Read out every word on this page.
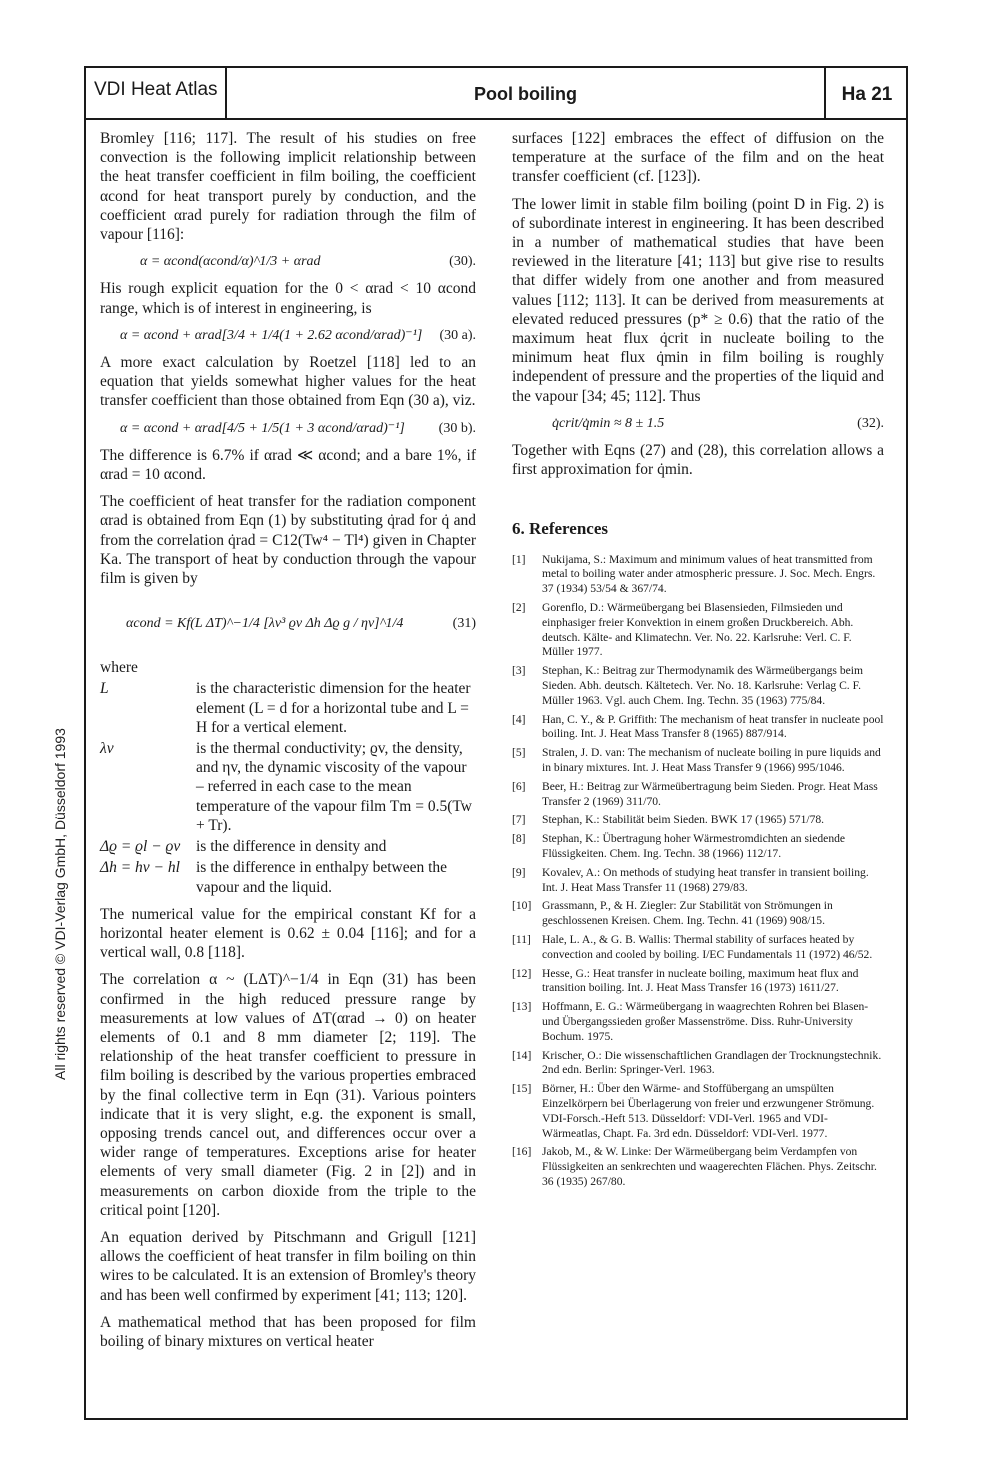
VDI Heat Atlas	Pool boiling	Ha 21
All rights reserved © VDI-Verlag GmbH, Düsseldorf 1993

Bromley [116; 117]. The result of his studies on free convection is the following implicit relationship between the heat transfer coefficient in film boiling, the coefficient αcond for heat transport purely by conduction, and the coefficient αrad purely for radiation through the film of vapour [116]:

α = αcond(αcond/α)^1/3 + αrad	(30).

His rough explicit equation for the 0 < αrad < 10 αcond range, which is of interest in engineering, is

α = αcond + αrad[3/4 + 1/4(1 + 2.62 αcond/αrad)⁻¹] (30 a).

A more exact calculation by Roetzel [118] led to an equation that yields somewhat higher values for the heat transfer coefficient than those obtained from Eqn (30 a), viz.

α = αcond + αrad[4/5 + 1/5(1 + 3 αcond/αrad)⁻¹] (30 b).

The difference is 6.7% if αrad ≪ αcond; and a bare 1%, if αrad = 10 αcond.

The coefficient of heat transfer for the radiation component αrad is obtained from Eqn (1) by substituting q̇rad for q̇ and from the correlation q̇rad = C12(Tw⁴ − Tl⁴) given in Chapter Ka. The transport of heat by conduction through the vapour film is given by

αcond = Kf(L ΔT)^−1/4 [λv³ ϱv Δh Δϱ g / ηv]^1/4	(31)
where
L	is the characteristic dimension for the heater element (L = d for a horizontal tube and L = H for a vertical element.
λv	is the thermal conductivity; ϱv, the density, and ηv, the dynamic viscosity of the vapour – referred in each case to the mean temperature of the vapour film Tm = 0.5(Tw + Tr).
Δϱ = ϱl − ϱv	is the difference in density and
Δh = hv − hl	is the difference in enthalpy between the vapour and the liquid.

The numerical value for the empirical constant Kf for a horizontal heater element is 0.62 ± 0.04 [116]; and for a vertical wall, 0.8 [118].

The correlation α ~ (LΔT)^−1/4 in Eqn (31) has been confirmed in the high reduced pressure range by measurements at low values of ΔT(αrad → 0) on heater elements of 0.1 and 8 mm diameter [2; 119]. The relationship of the heat transfer coefficient to pressure in film boiling is described by the various properties embraced by the final collective term in Eqn (31). Various pointers indicate that it is very slight, e.g. the exponent is small, opposing trends cancel out, and differences occur over a wider range of temperatures. Exceptions arise for heater elements of very small diameter (Fig. 2 in [2]) and in measurements on carbon dioxide from the triple to the critical point [120].

An equation derived by Pitschmann and Grigull [121] allows the coefficient of heat transfer in film boiling on thin wires to be calculated. It is an extension of Bromley's theory and has been well confirmed by experiment [41; 113; 120].

A mathematical method that has been proposed for film boiling of binary mixtures on vertical heater

surfaces [122] embraces the effect of diffusion on the temperature at the surface of the film and on the heat transfer coefficient (cf. [123]).

The lower limit in stable film boiling (point D in Fig. 2) is of subordinate interest in engineering. It has been described in a number of mathematical studies that have been reviewed in the literature [41; 113] but give rise to results that differ widely from one another and from measured values [112; 113]. It can be derived from measurements at elevated reduced pressures (p* ≥ 0.6) that the ratio of the maximum heat flux q̇crit in nucleate boiling to the minimum heat flux q̇min in film boiling is roughly independent of pressure and the properties of the liquid and the vapour [34; 45; 112]. Thus

q̇crit/q̇min ≈ 8 ± 1.5	(32).

Together with Eqns (27) and (28), this correlation allows a first approximation for q̇min.

6. References
[1]	Nukijama, S.: Maximum and minimum values of heat transmitted from metal to boiling water ander atmospheric pressure. J. Soc. Mech. Engrs. 37 (1934) 53/54 & 367/74.
[2]	Gorenflo, D.: Wärmeübergang bei Blasensieden, Filmsieden und einphasiger freier Konvektion in einem großen Druckbereich. Abh. deutsch. Kälte- and Klimatechn. Ver. No. 22. Karlsruhe: Verl. C. F. Müller 1977.
[3]	Stephan, K.: Beitrag zur Thermodynamik des Wärmeübergangs beim Sieden. Abh. deutsch. Kältetech. Ver. No. 18. Karlsruhe: Verlag C. F. Müller 1963. Vgl. auch Chem. Ing. Techn. 35 (1963) 775/84.
[4]	Han, C. Y., & P. Griffith: The mechanism of heat transfer in nucleate pool boiling. Int. J. Heat Mass Transfer 8 (1965) 887/914.
[5]	Stralen, J. D. van: The mechanism of nucleate boiling in pure liquids and in binary mixtures. Int. J. Heat Mass Transfer 9 (1966) 995/1046.
[6]	Beer, H.: Beitrag zur Wärmeübertragung beim Sieden. Progr. Heat Mass Transfer 2 (1969) 311/70.
[7]	Stephan, K.: Stabilität beim Sieden. BWK 17 (1965) 571/78.
[8]	Stephan, K.: Übertragung hoher Wärmestromdichten an siedende Flüssigkeiten. Chem. Ing. Techn. 38 (1966) 112/17.
[9]	Kovalev, A.: On methods of studying heat transfer in transient boiling. Int. J. Heat Mass Transfer 11 (1968) 279/83.
[10] Grassmann, P., & H. Ziegler: Zur Stabilität von Strömungen in geschlossenen Kreisen. Chem. Ing. Techn. 41 (1969) 908/15.
[11] Hale, L. A., & G. B. Wallis: Thermal stability of surfaces heated by convection and cooled by boiling. I/EC Fundamentals 11 (1972) 46/52.
[12] Hesse, G.: Heat transfer in nucleate boiling, maximum heat flux and transition boiling. Int. J. Heat Mass Transfer 16 (1973) 1611/27.
[13] Hoffmann, E. G.: Wärmeübergang in waagrechten Rohren bei Blasen- und Übergangssieden großer Massenströme. Diss. Ruhr-University Bochum. 1975.
[14] Krischer, O.: Die wissenschaftlichen Grandlagen der Trocknungstechnik. 2nd edn. Berlin: Springer-Verl. 1963.
[15] Börner, H.: Über den Wärme- and Stoffübergang an umspülten Einzelkörpern bei Überlagerung von freier und erzwungener Strömung. VDI-Forsch.-Heft 513. Düsseldorf: VDI-Verl. 1965 and VDI-Wärmeatlas, Chapt. Fa. 3rd edn. Düsseldorf: VDI-Verl. 1977.
[16] Jakob, M., & W. Linke: Der Wärmeübergang beim Verdampfen von Flüssigkeiten an senkrechten und waagerechten Flächen. Phys. Zeitschr. 36 (1935) 267/80.
